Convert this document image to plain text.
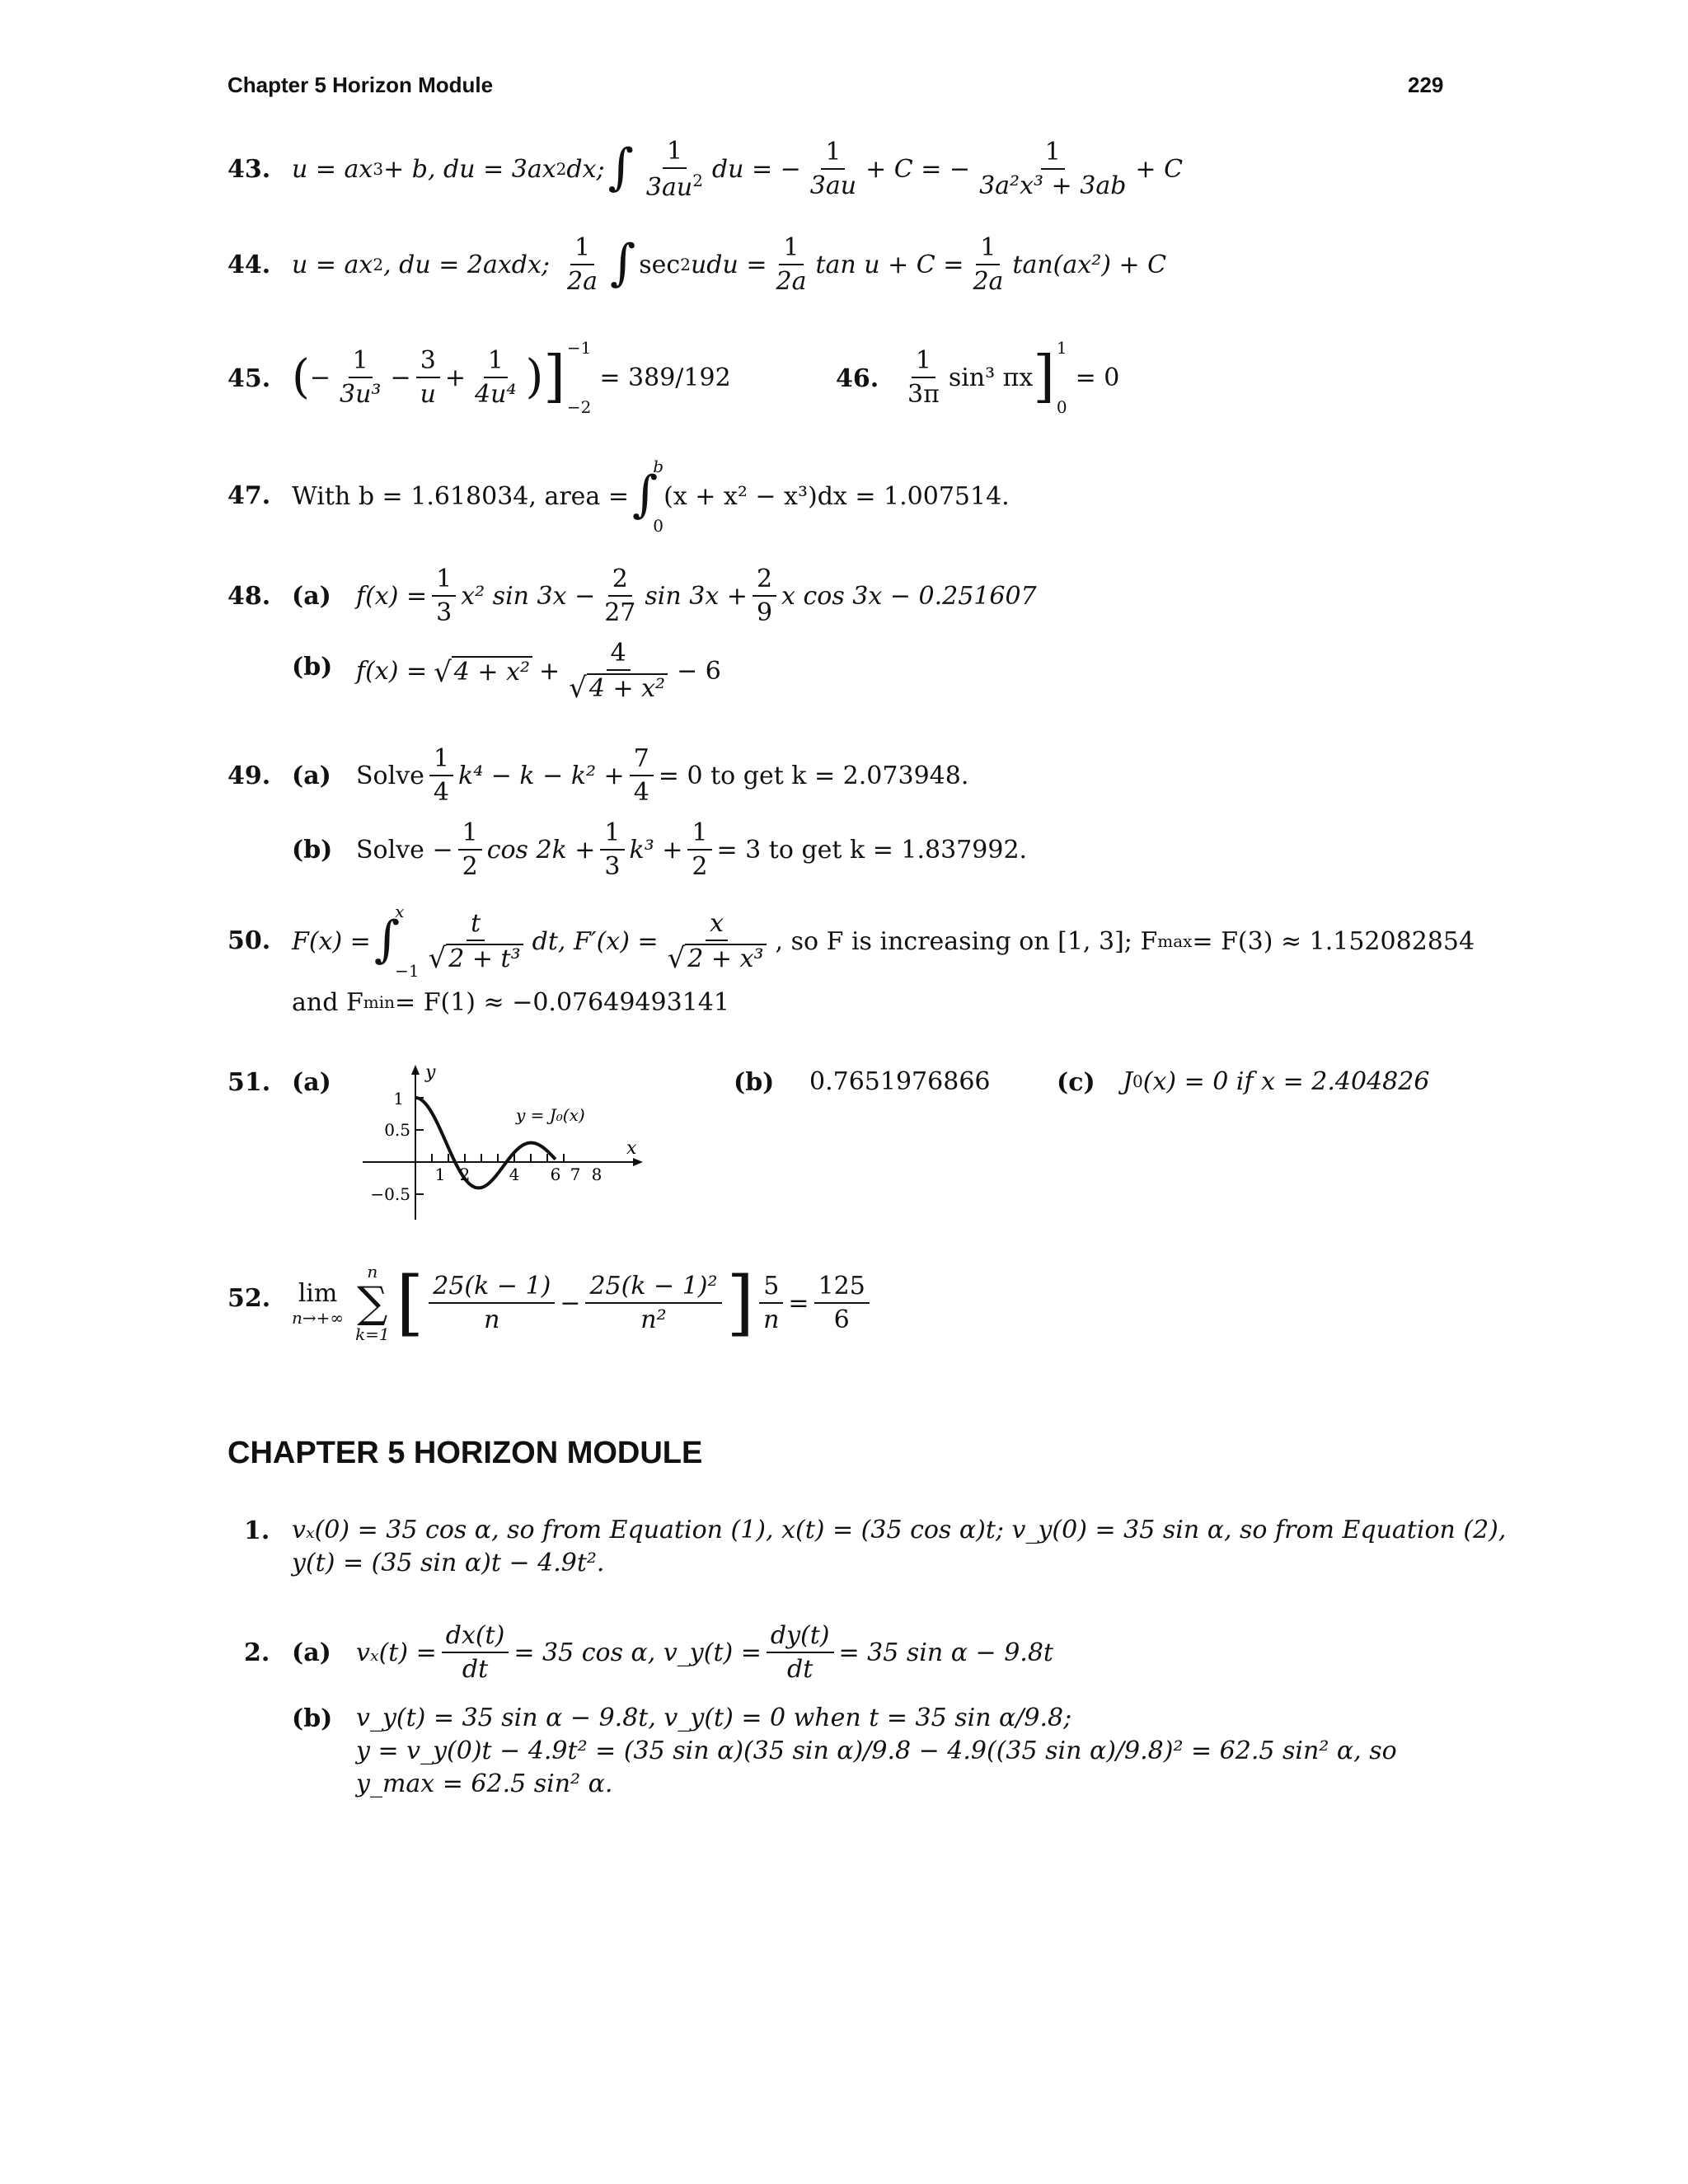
Chapter 5 Horizon Module	229
43. u = ax 3 + b, du = 3ax 2 dx; ∫ $\frac{1}{3au^2}$ du = − $\frac{1}{3au} + C$ = − $\frac{1}{\text{3a²x³ + 3ab}} + C$
44. u = ax 2 , du = 2axdx; $\frac{1}{2a}$ ∫ sec 2 udu = $\frac{1}{2a}$ $\tan u + C = \frac{1}{2a} \tan(ax^2) + C$
45. ( − $\frac{1}{\text{3u³}} - \frac{3}{u} + \frac{1}{\text{4u⁴}}$ ) ] −1
−2
= 389/192	46. $\frac{1}{3\pi} \sin^3$ πx ] 1
0
= 0
47. With b = 1.618034, area = ∫
b
0
(x + x² − x³)dx = 1.007514.
48. (a) $f(x) = \frac{1}{3} x^2$ $\sin 3x - \frac{2}{27}$ $\sin 3x + \frac{2}{9}$ x cos 3x − 0.251607
(b) f(x) = √ $4 + x^2 + \frac{4}{\text{√ 4 + x²}} - 6$
49. (a) Solve $\frac{1}{4} k^4 - k - k^2 + \frac{7}{4} = 0$ to get k = 2.073948.
(b) Solve − $\frac{1}{2}$ $\cos 2k + \frac{1}{3} k^3 + \frac{1}{2} = 3$ to get k = 1.837992.
50. F(x) = ∫
x
$-1 \frac{t}{\text{√ 2 + t³}}$ dt, $F'(x) = \frac{x}{\text{√ 2 + x³}}$ , so F is increasing on [1, 3]; F max = F(3) ≈ 1.152082854
and F min = F(1) ≈ −0.07649493141
51. (a)	y
x
y = J₀(x)
1
0.5
−0.5
1 2 4 6 7 8
(b) 0.7651976866	(c) J 0 (x) = 0 if x = 2.404826
52. lim
n→+∞
n
∑
k=1 [ $\frac{25(k - 1)}{n} - \frac{\text{25(k − 1)²}}{\text{n²}}$ ] $\frac{5}{n} = \frac{125}{6}$
CHAPTER 5 HORIZON MODULE
1. vₓ(0) = 35 cos α, so from Equation (1), x(t) = (35 cos α)t; v_y(0) = 35 sin α, so from Equation (2),
y(t) = (35 sin α)t − 4.9t².
2. (a) $v_x(t) = \frac{dx(t)}{dt} = 35$ cos α, v_y(t) = $\frac{dy(t)}{dt} = 35$ sin α − 9.8t
(b) v_y(t) = 35 sin α − 9.8t, v_y(t) = 0 when t = 35 sin α/9.8;
y = v_y(0)t − 4.9t² = (35 sin α)(35 sin α)/9.8 − 4.9((35 sin α)/9.8)² = 62.5 sin² α, so
y_max = 62.5 sin² α.
